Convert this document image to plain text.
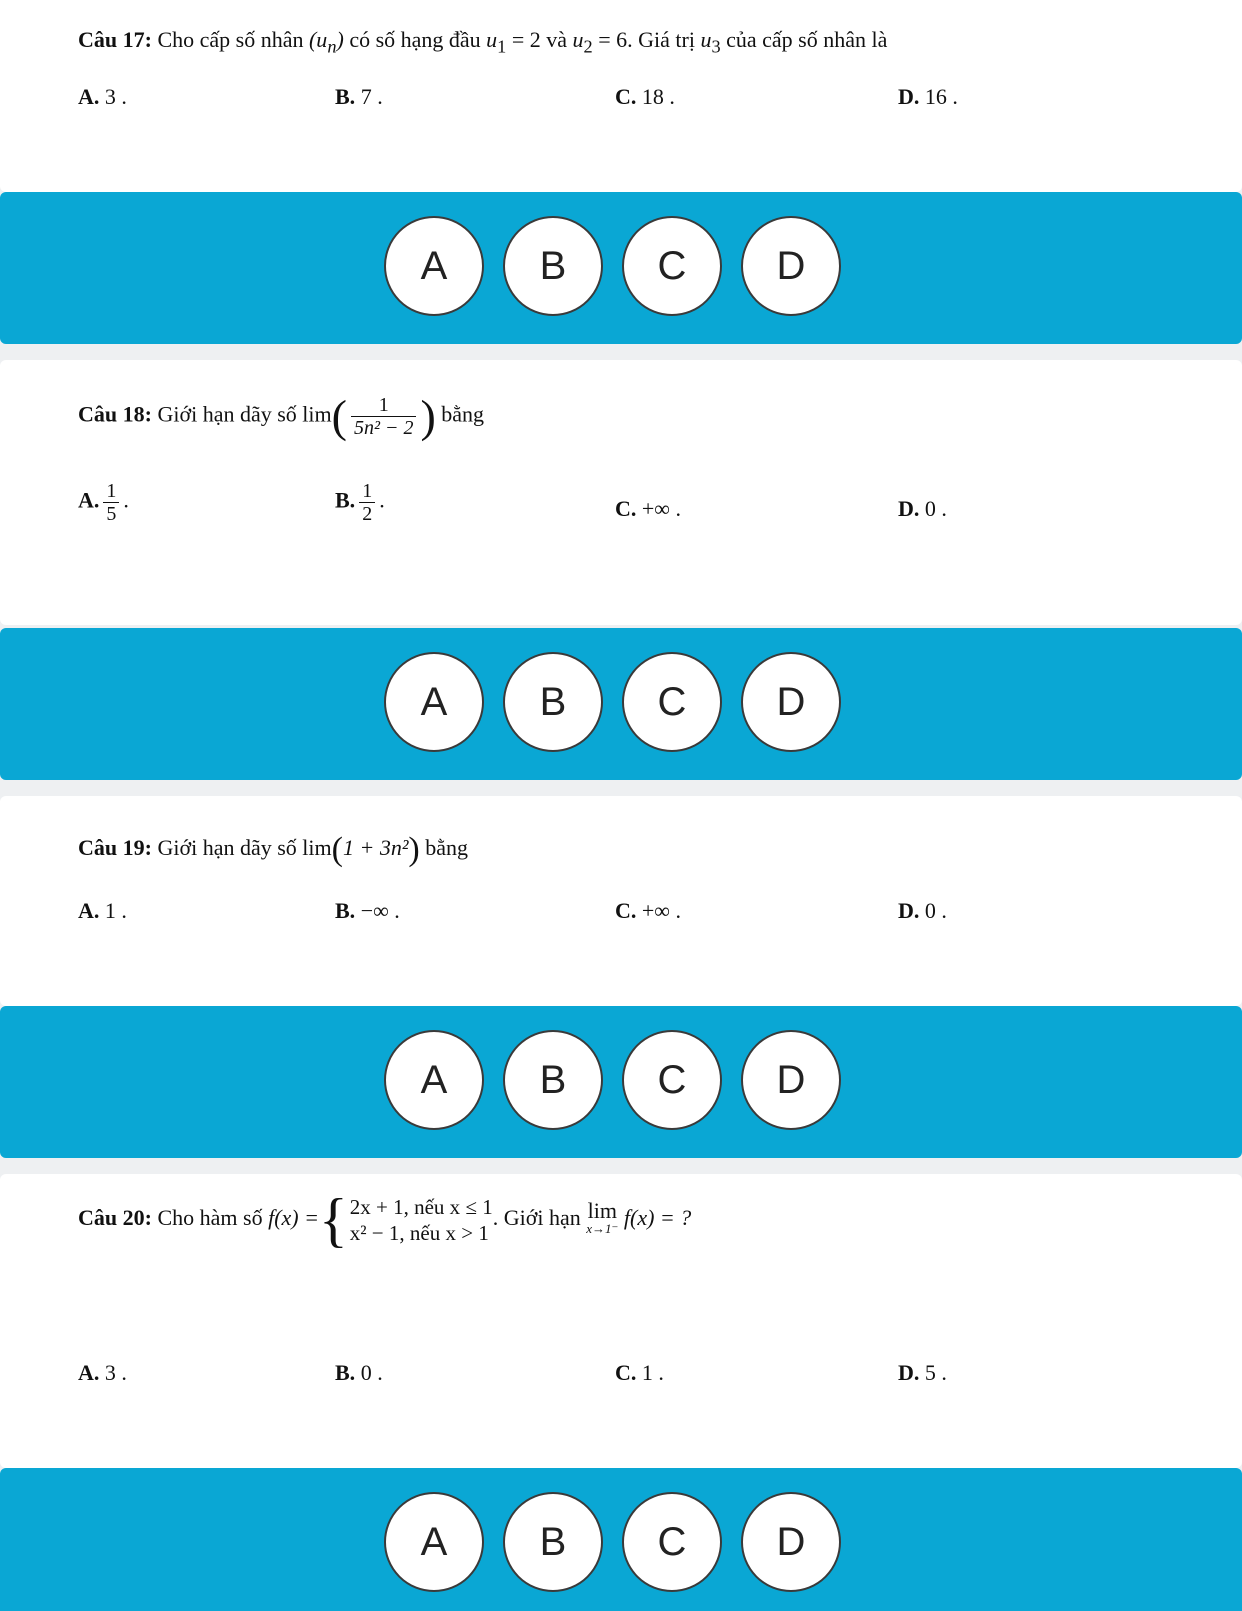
Câu 17: Cho cấp số nhân $(u_n)$ có số hạng đầu $u_1 = 2$ và $u_2 = 6$. Giá trị $u_3$ của cấp số nhân là
A. 3 .	B. 7 .	C. 18 .	D. 16 .
A	B	C	D
Câu 18: Giới hạn dãy số $\lim( \frac{1}{\text{5n² − 2}}$ ) bằng
A. $\frac{1}{5}$ .	B. $\frac{1}{2}$ .	C. +∞ .	D. 0 .
A	B	C	D
Câu 19: Giới hạn dãy số lim(1 + 3n²) bằng
A. 1 .	B. −∞ .	C. +∞ .	D. 0 .
A	B	C	D
Câu 20: Cho hàm số f(x) ={ 2x + 1, nếu x ≤ 1
x² − 1, nếu x > 1
. Giới hạn lim
x→1⁻ f(x) = ?
A. 3 .	B. 0 .	C. 1 .	D. 5 .
A	B	C	D
